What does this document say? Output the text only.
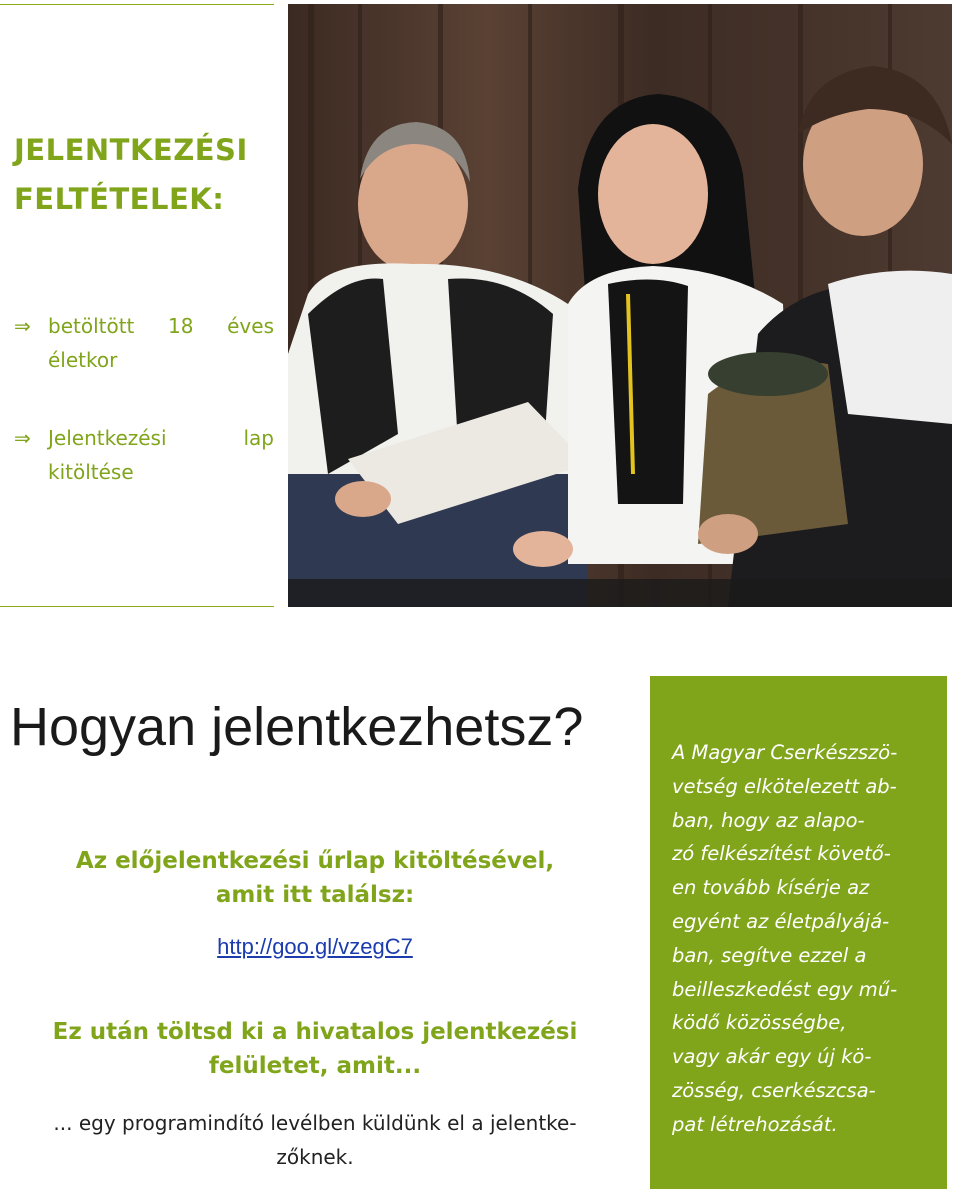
JELENTKEZÉSI
FELTÉTELEK:
⇒ betöltött 18 éves
életkor
⇒ Jelentkezési lap
kitöltése
Hogyan jelentkezhetsz?
Az előjelentkezési űrlap kitöltésével,
amit itt találsz:
http://goo.gl/vzegC7
Ez után töltsd ki a hivatalos jelentkezési
felületet, amit...
... egy programindító levélben küldünk el a jelentke-
zőknek.
A Magyar Cserkészszö-
vetség elkötelezett ab-
ban, hogy az alapo-
zó felkészítést követő-
en tovább kísérje az
egyént az életpályájá-
ban, segítve ezzel a
beilleszkedést egy mű-
ködő közösségbe,
vagy akár egy új kö-
zösség, cserkészcsa-
pat létrehozását.
